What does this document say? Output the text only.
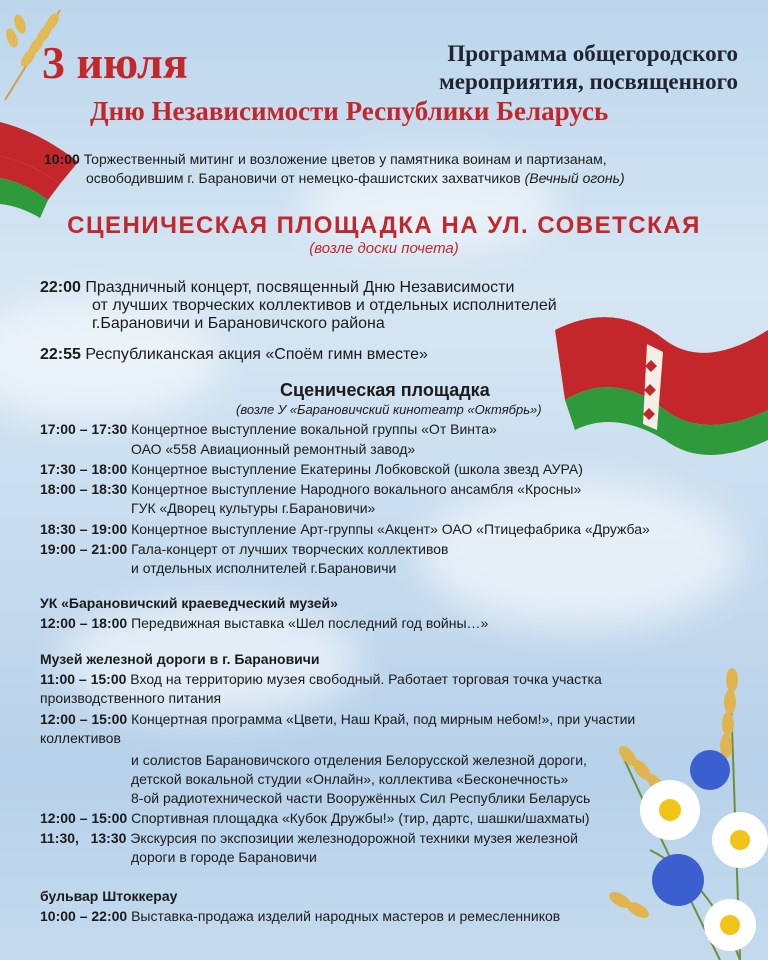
3 июля	Программа общегородского
мероприятия, посвященного
Дню Независимости Республики Беларусь
10:00 Торжественный митинг и возложение цветов у памятника воинам и партизанам,
освободившим г. Барановичи от немецко-фашистских захватчиков (Вечный огонь)
СЦЕНИЧЕСКАЯ ПЛОЩАДКА НА УЛ. СОВЕТСКАЯ
(возле доски почета)
22:00 Праздничный концерт, посвященный Дню Независимости
от лучших творческих коллективов и отдельных исполнителей
г.Барановичи и Барановичского района
22:55 Республиканская акция «Споём гимн вместе»
Сценическая площадка
(возле У «Барановичский кинотеатр «Октябрь»)
17:00 – 17:30 Концертное выступление вокальной группы «От Винта»
ОАО «558 Авиационный ремонтный завод»
17:30 – 18:00 Концертное выступление Екатерины Лобковской (школа звезд АУРА)
18:00 – 18:30 Концертное выступление Народного вокального ансамбля «Кросны»
ГУК «Дворец культуры г.Барановичи»
18:30 – 19:00 Концертное выступление Арт-группы «Акцент» ОАО «Птицефабрика «Дружба»
19:00 – 21:00 Гала-концерт от лучших творческих коллективов
и отдельных исполнителей г.Барановичи
УК «Барановичский краеведческий музей»
12:00 – 18:00 Передвижная выставка «Шел последний год войны…»
Музей железной дороги в г. Барановичи
11:00 – 15:00 Вход на территорию музея свободный. Работает торговая точка участка
производственного питания
12:00 – 15:00 Концертная программа «Цвети, Наш Край, под мирным небом!», при участии
коллективов
и солистов Барановичского отделения Белорусской железной дороги,
детской вокальной студии «Онлайн», коллектива «Бесконечность»
8-ой радиотехнической части Вооружённых Сил Республики Беларусь
12:00 – 15:00 Спортивная площадка «Кубок Дружбы!» (тир, дартс, шашки/шахматы)
11:30,   13:30 Экскурсия по экспозиции железнодорожной техники музея железной
дороги в городе Барановичи
бульвар Штоккерау
10:00 – 22:00 Выставка-продажа изделий народных мастеров и ремесленников
